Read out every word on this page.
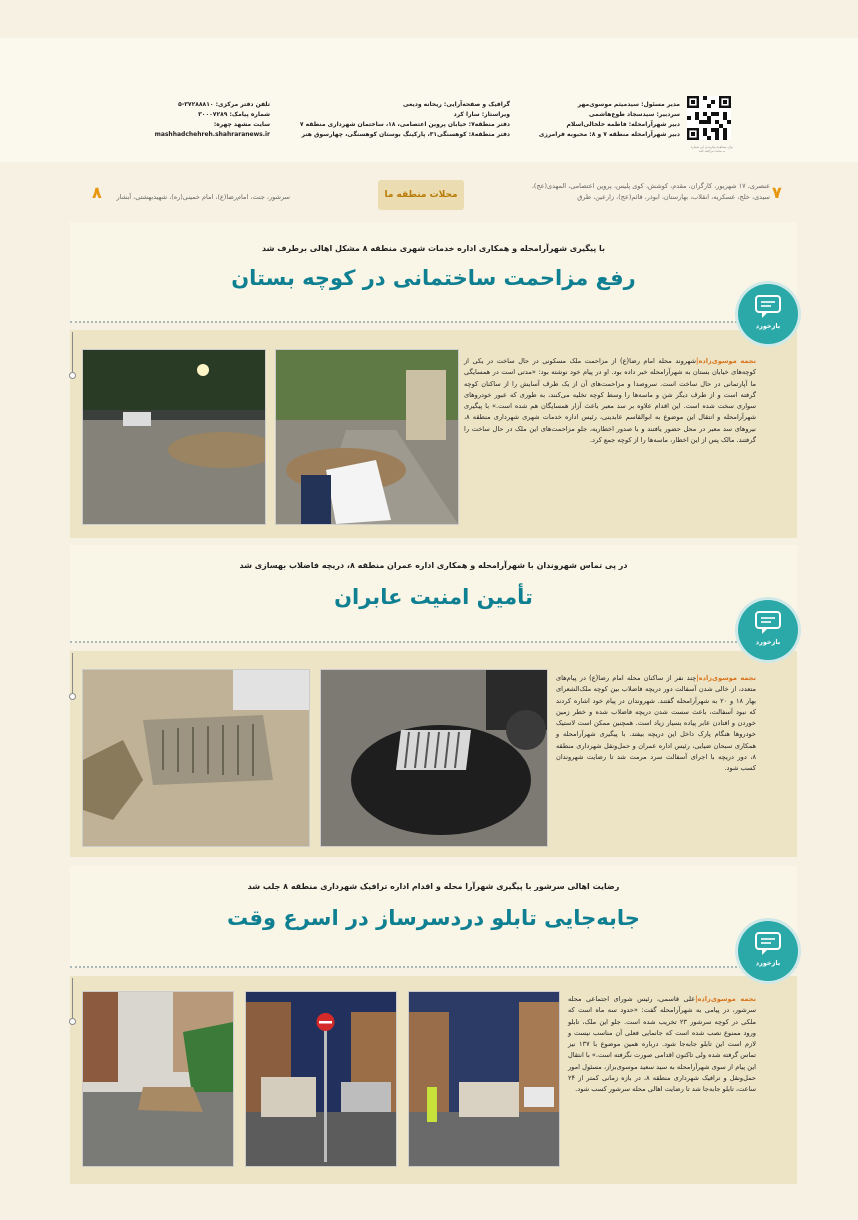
برای مشاهده پیکربندی این شماره به سایت مراجعه کنید
مدیر مسئول: سیدمیثم موسوی‌مهر
سردبیر: سیدسجاد طوع‌هاشمی
دبیر شهرآرامحله: فاطمه خلخالی‌اسلام
دبیر شهرآرامحله منطقه ۷ و ۸: محبوبه فرامرزی
گرافیک و صفحه‌آرایی: ریحانه ودیعی
ویراستار: سارا کرد
دفتر منطقه۷: خیابان پروین اعتصامی، ۱۸، ساختمان شهرداری منطقه ۷
دفتر منطقه۸: کوهسنگی۳۱، پارکینگ بوستان کوهسنگی، چهارسوق هنر
تلفن دفتر مرکزی: ۳۷۲۸۸۸۱۰-۵
شماره پیامک: ۳۰۰۰۷۲۸۹
سایت مشهد چهره:
mashhadchehreh.shahraranews.ir
۷
عنصری، ۱۷ شهریور، کارگران، مقدم، کوشش، کوی پلیس، پروین اعتصامی، المهدی(عج)،
سیدی، خلج، عسکریه، انقلاب، بهارستان، ابوذر، قائم(عج)، زارعین، طرق
محلات منطقه ما
سرشور، جنت، امام‌رضا(ع)، امام خمینی(ره)، شهیدبهشتی، آبشار
۸
با پیگیری شهرآرامحله و همکاری اداره خدمات شهری منطقه ۸ مشکل اهالی برطرف شد
رفع مزاحمت ساختمانی در کوچه بستان
نجمه موسوی‌زاده|شهروند محله امام رضا(ع) از مزاحمت ملک مسکونی در حال ساخت در یکی از کوچه‌های خیابان بستان به شهرآرامحله خبر داده بود. او در پیام خود نوشته بود: «مدتی است در همسایگی ما آپارتمانی در حال ساخت است. سروصدا و مزاحمت‌های آن از یک طرف آسایش را از ساکنان کوچه گرفته است و از طرف دیگر شن و ماسه‌ها را وسط کوچه تخلیه می‌کنند، به طوری که عبور خودروهای سواری سخت شده است. این اقدام علاوه بر سد معبر باعث آزار همسایگان هم شده است.» با پیگیری شهرآرامحله و انتقال این موضوع به ابوالقاسم عابدینی، رئیس اداره خدمات شهری شهرداری منطقه ۸، نیروهای سد معبر در محل حضور یافتند و با صدور اخطاریه، جلو مزاحمت‌های این ملک در حال ساخت را گرفتند. مالک پس از این اخطار، ماسه‌ها را از کوچه جمع کرد.
بازخورد
در پی تماس شهروندان با شهرآرامحله و همکاری اداره عمران منطقه ۸، دریچه فاضلاب بهسازی شد
تأمین امنیت عابران
نجمه موسوی‌زاده|چند نفر از ساکنان محله امام رضا(ع) در پیام‌های متعدد، از خالی شدن آسفالت دور دریچه فاضلاب بین کوچه ملک‌الشعرای بهار ۱۸ و ۲۰ به شهرآرامحله گفتند. شهروندان در پیام خود اشاره کردند که نبود آسفالت، باعث سست شدن دریچه فاضلاب شده و خطر زمین خوردن و افتادن عابر پیاده بسیار زیاد است. همچنین ممکن است لاستیک خودروها هنگام پارک داخل این دریچه بیفتد. با پیگیری شهرآرامحله و همکاری سبحان ضیایی، رئیس اداره عمران و حمل‌ونقل شهرداری منطقه ۸، دور دریچه با اجرای آسفالت سرد مرمت شد تا رضایت شهروندان کسب شود.
بازخورد
رضایت اهالی سرشور با پیگیری شهرآرا محله و اقدام اداره ترافیک شهرداری منطقه ۸ جلب شد
جابه‌جایی تابلو دردسرساز در اسرع وقت
نجمه موسوی‌زاده|علی قاسمی، رئیس شورای اجتماعی محله سرشور، در پیامی به شهرآرامحله گفت: «حدود سه ماه است که ملکی در کوچه سرشور ۲۳ تخریب شده است. جلو این ملک، تابلو ورود ممنوع نصب شده است که جانمایی فعلی آن مناسب نیست و لازم است این تابلو جابه‌جا شود. درباره همین موضوع با ۱۳۷ نیز تماس گرفته شده ولی تاکنون اقدامی صورت نگرفته است.» با انتقال این پیام از سوی شهرآرامحله به سید سعید موسوی‌بزاز، مسئول امور حمل‌ونقل و ترافیک شهرداری منطقه ۸، در بازه زمانی کمتر از ۲۴ ساعت، تابلو جابه‌جا شد تا رضایت اهالی محله سرشور کسب شود.
بازخورد
